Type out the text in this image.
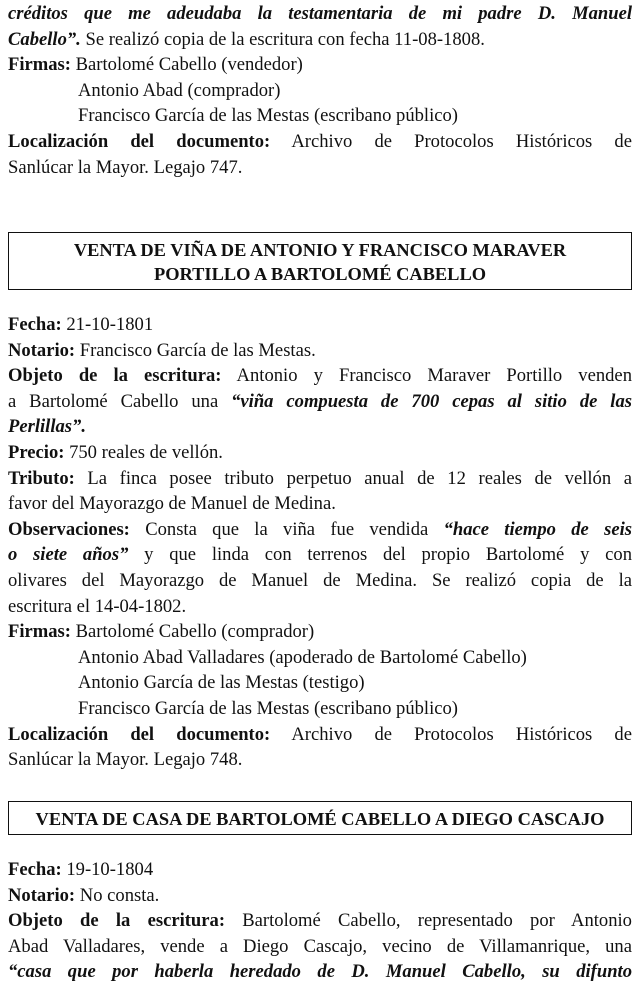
créditos que me adeudaba la testamentaria de mi padre D. Manuel

Cabello”. Se realizó copia de la escritura con fecha 11-08-1808.

Firmas: Bartolomé Cabello (vendedor)

Antonio Abad (comprador)

Francisco García de las Mestas (escribano público)

Localización del documento: Archivo de Protocolos Históricos de

Sanlúcar la Mayor. Legajo 747.

VENTA DE VIÑA DE ANTONIO Y FRANCISCO MARAVER
PORTILLO A BARTOLOMÉ CABELLO

Fecha: 21-10-1801

Notario: Francisco García de las Mestas.

Objeto de la escritura: Antonio y Francisco Maraver Portillo venden

a Bartolomé Cabello una “viña compuesta de 700 cepas al sitio de las

Perlillas”.

Precio: 750 reales de vellón.

Tributo: La finca posee tributo perpetuo anual de 12 reales de vellón a

favor del Mayorazgo de Manuel de Medina.

Observaciones: Consta que la viña fue vendida “hace tiempo de seis

o siete años” y que linda con terrenos del propio Bartolomé y con

olivares del Mayorazgo de Manuel de Medina. Se realizó copia de la

escritura el 14-04-1802.

Firmas: Bartolomé Cabello (comprador)

Antonio Abad Valladares (apoderado de Bartolomé Cabello)

Antonio García de las Mestas (testigo)

Francisco García de las Mestas (escribano público)

Localización del documento: Archivo de Protocolos Históricos de

Sanlúcar la Mayor. Legajo 748.

VENTA DE CASA DE BARTOLOMÉ CABELLO A DIEGO CASCAJO

Fecha: 19-10-1804

Notario: No consta.

Objeto de la escritura: Bartolomé Cabello, representado por Antonio

Abad Valladares, vende a Diego Cascajo, vecino de Villamanrique, una

“casa que por haberla heredado de D. Manuel Cabello, su difunto
